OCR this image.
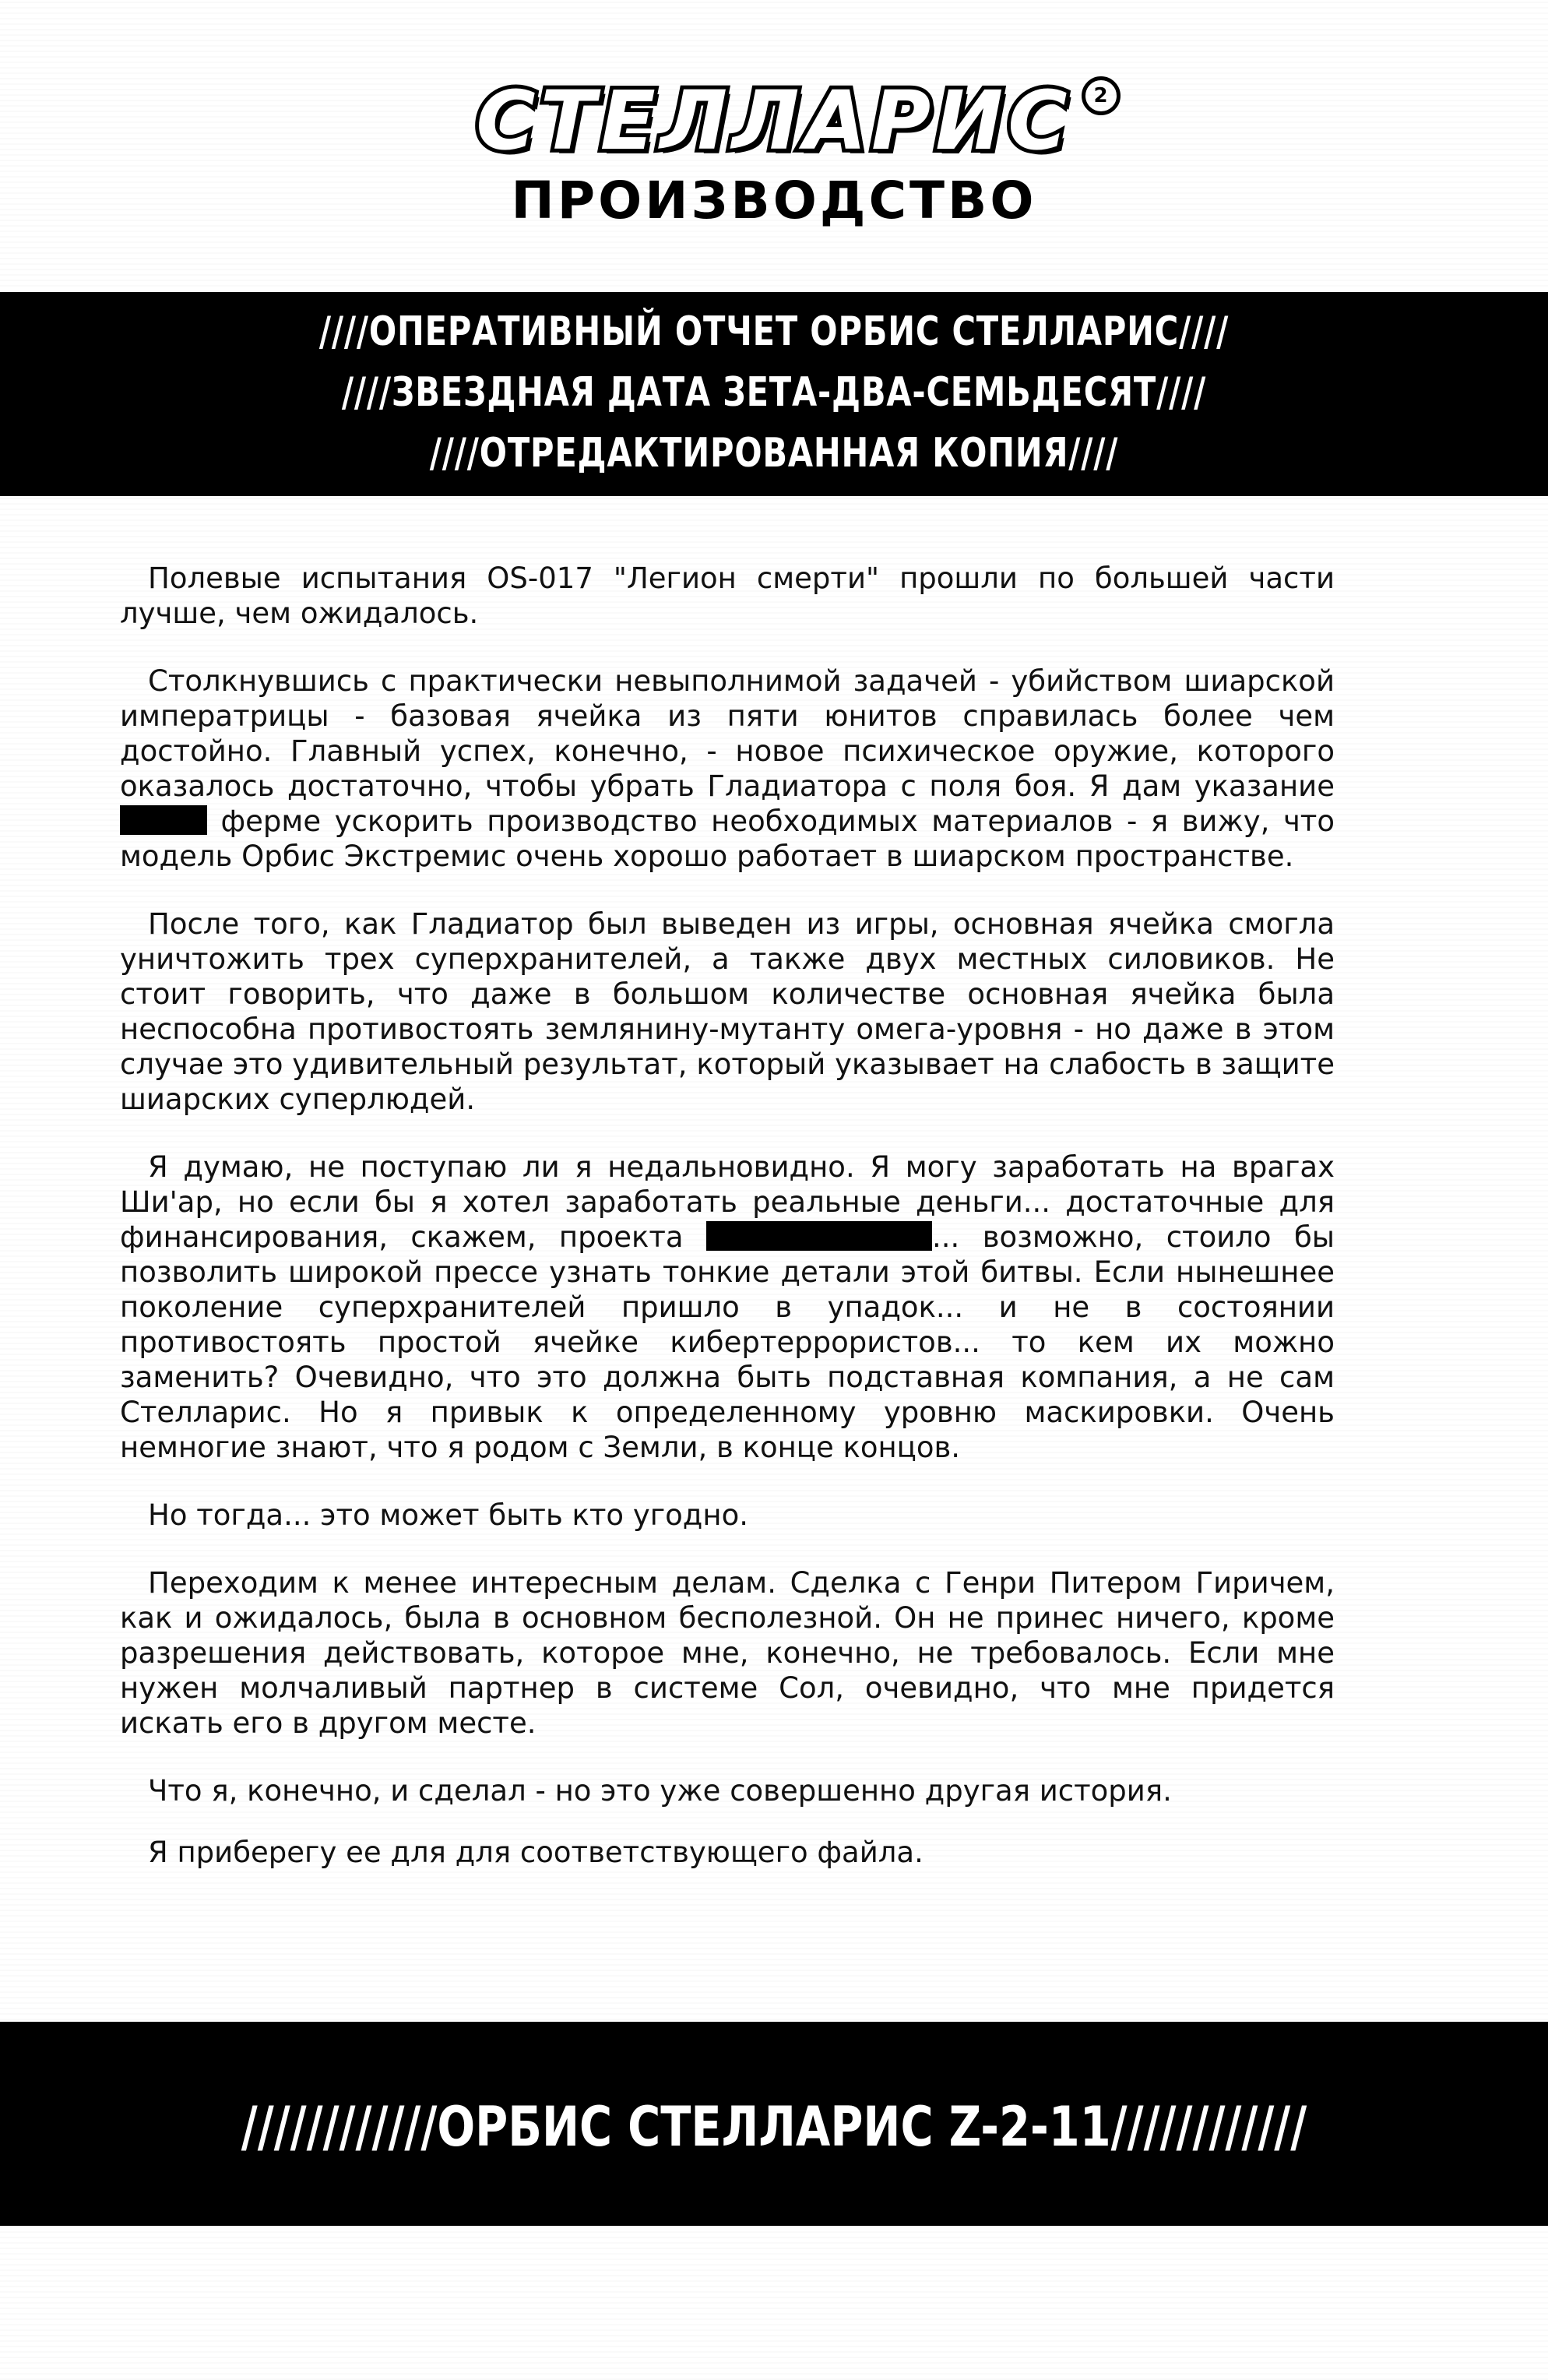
СТЕЛЛАРИС	2
ПРОИЗВОДСТВО
////ОПЕРАТИВНЫЙ ОТЧЕТ ОРБИС СТЕЛЛАРИС////
////ЗВЕЗДНАЯ ДАТА ЗЕТА-ДВА-СЕМЬДЕСЯТ////
////ОТРЕДАКТИРОВАННАЯ КОПИЯ////

Полевые испытания OS-017 "Легион смерти" прошли по большей части лучше, чем ожидалось.

Столкнувшись с практически невыполнимой задачей - убийством шиарской императрицы - базовая ячейка из пяти юнитов справилась более чем достойно. Главный успех, конечно, - новое психическое оружие, которого оказалось достаточно, чтобы убрать Гладиатора с поля боя. Я дам указание  ферме ускорить производство необходимых материалов - я вижу, что модель Орбис Экстремис очень хорошо работает в шиарском пространстве.

После того, как Гладиатор был выведен из игры, основная ячейка смогла уничтожить трех суперхранителей, а также двух местных силовиков. Не стоит говорить, что даже в большом количестве основная ячейка была неспособна противостоять землянину-мутанту омега-уровня - но даже в этом случае это удивительный результат, который указывает на слабость в защите шиарских суперлюдей.

Я думаю, не поступаю ли я недальновидно. Я могу заработать на врагах Ши'ар, но если бы я хотел заработать реальные деньги... достаточные для финансирования, скажем, проекта	... возможно, стоило бы позволить широкой прессе узнать тонкие детали этой битвы. Если нынешнее поколение суперхранителей пришло в упадок... и не в состоянии противостоять простой ячейке кибертеррористов... то кем их можно заменить? Очевидно, что это должна быть подставная компания, а не сам Стелларис. Но я привык к определенному уровню маскировки. Очень немногие знают, что я родом с Земли, в конце концов.

Но тогда... это может быть кто угодно.

Переходим к менее интересным делам. Сделка с Генри Питером Гиричем, как и ожидалось, была в основном бесполезной. Он не принес ничего, кроме разрешения действовать, которое мне, конечно, не требовалось. Если мне нужен молчаливый партнер в системе Сол, очевидно, что мне придется искать его в другом месте.

Что я, конечно, и сделал - но это уже совершенно другая история.

Я приберегу ее для для соответствующего файла.

////////////ОРБИС СТЕЛЛАРИС Z-2-11////////////
